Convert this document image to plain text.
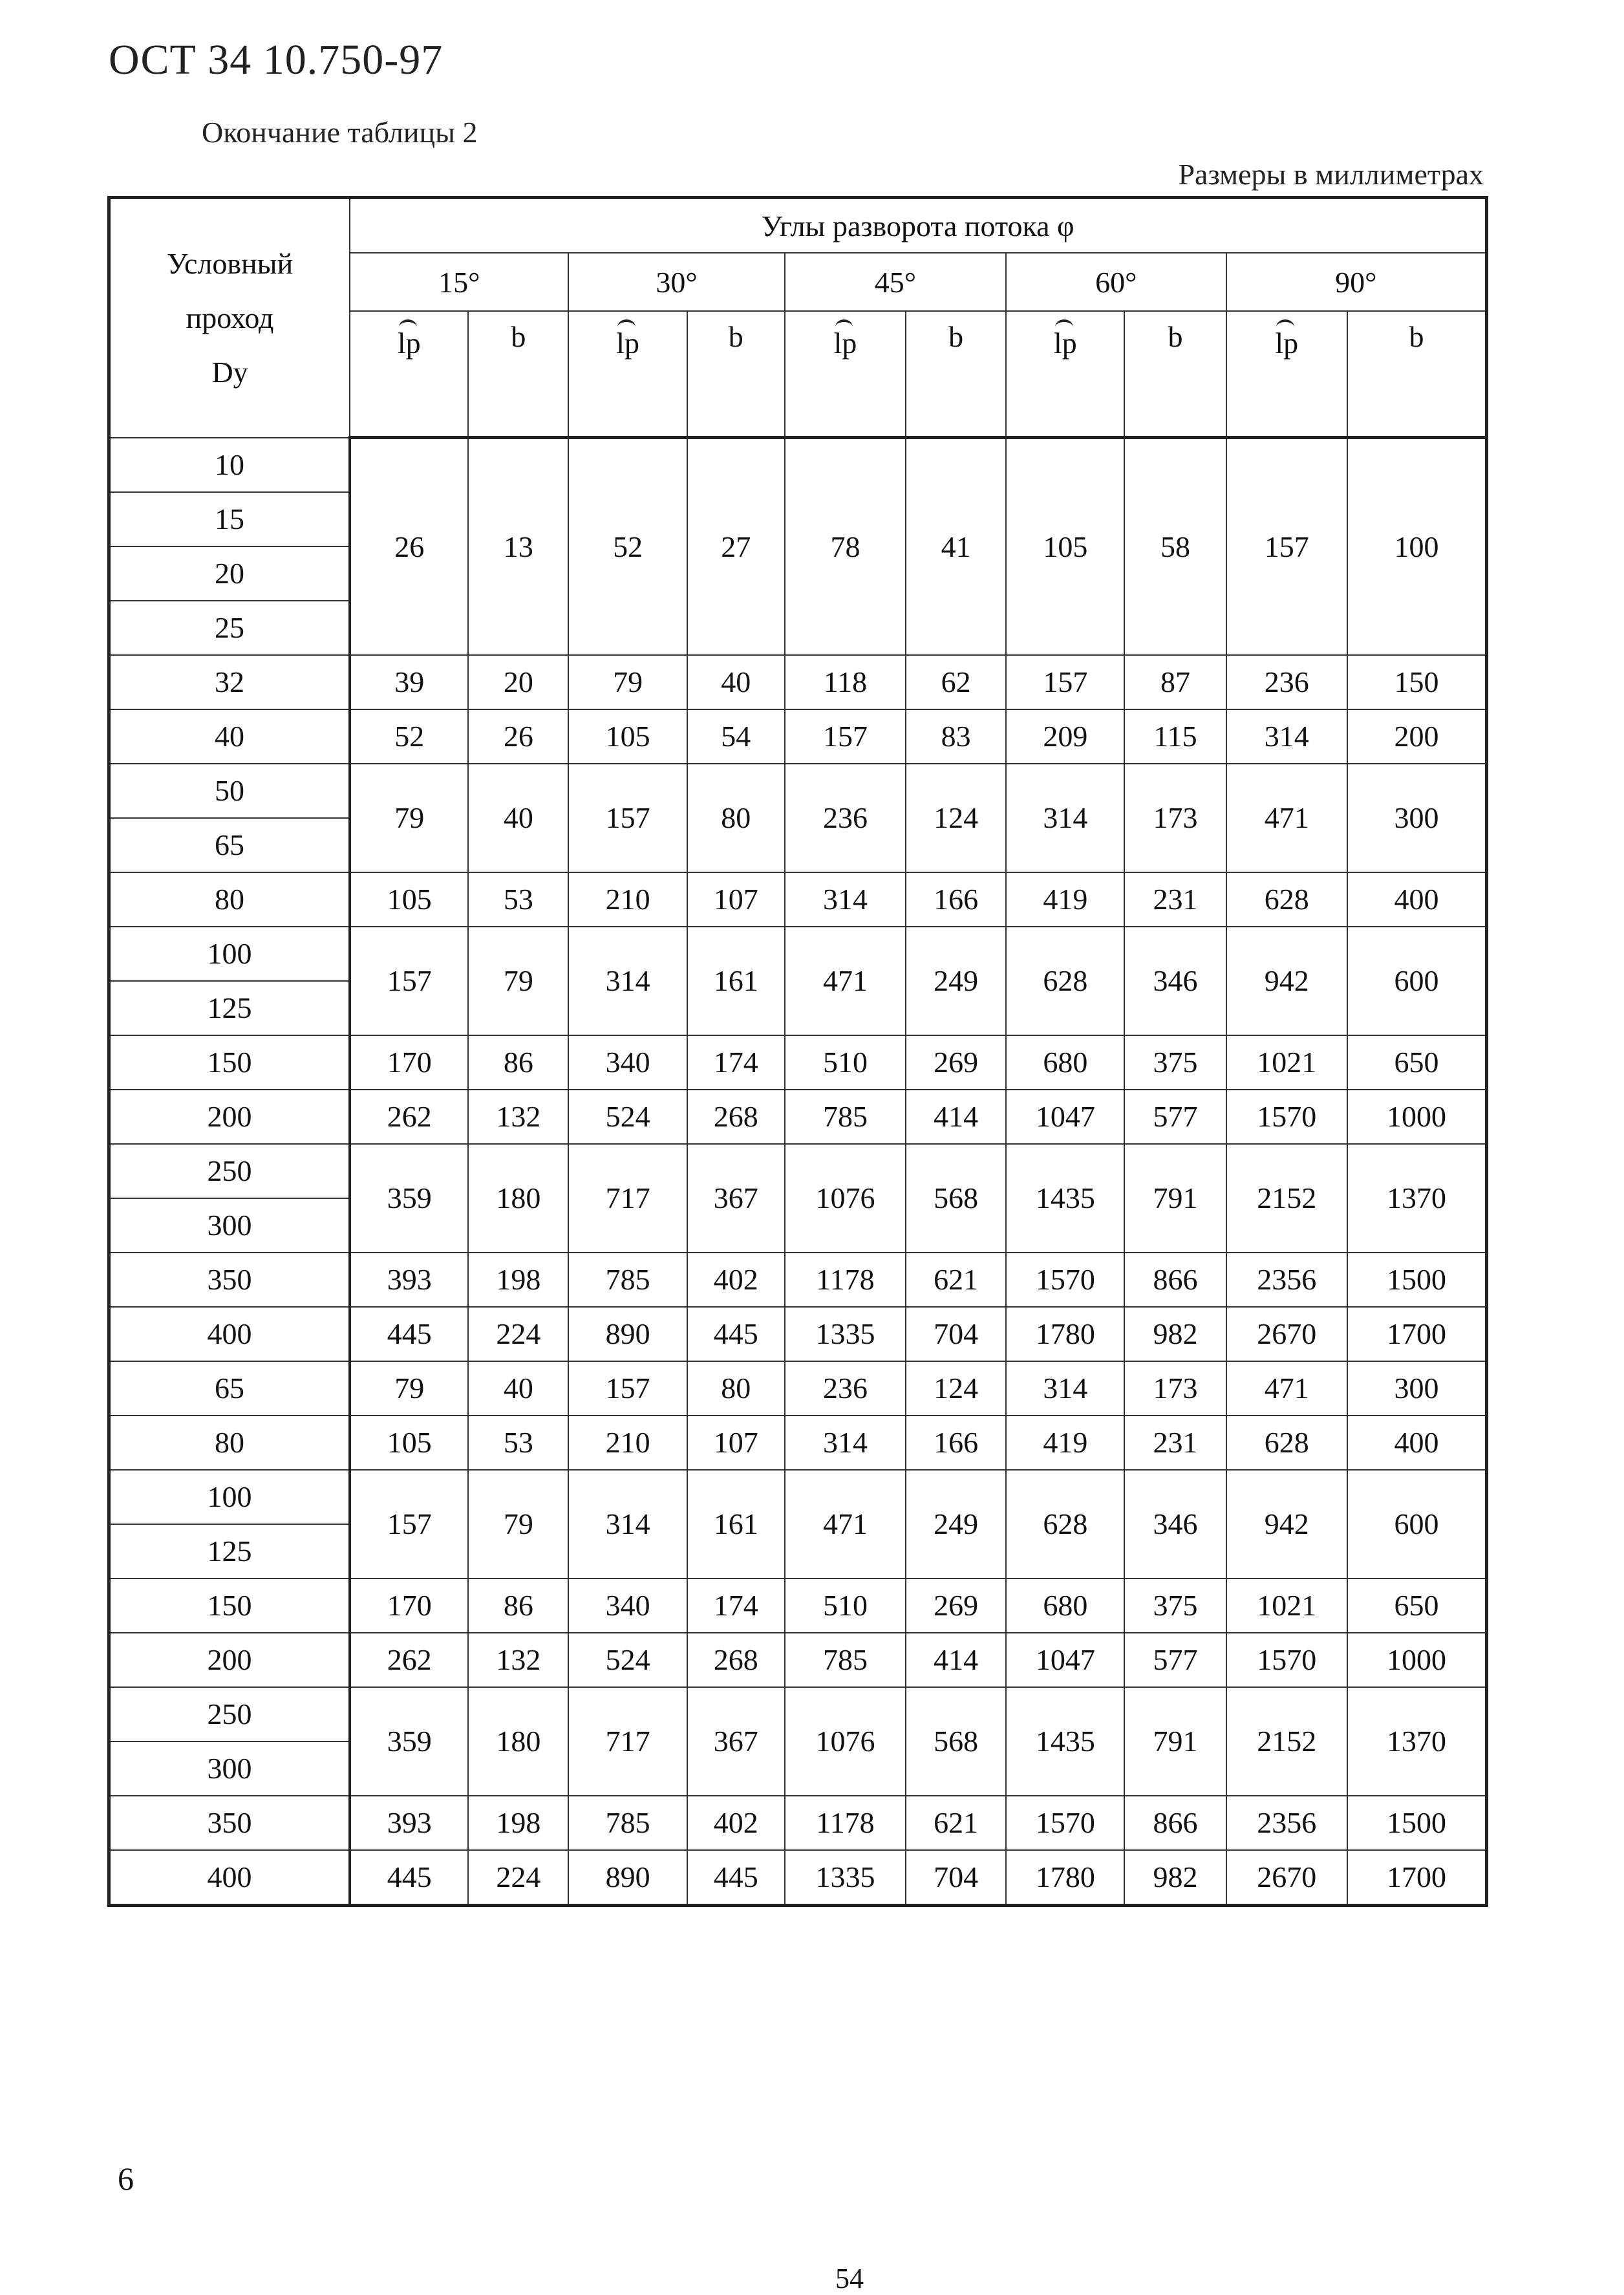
ОСТ 34 10.750-97
Окончание таблицы 2
Размеры в миллиметрах
Условный
проход
Dy	Углы разворота потока φ									
	15°		30°		45°		60°		90°	
	lp	b	lp	b	lp	b	lp	b	lp	b
10	26	13	52	27	78	41	105	58	157	100
15										
20										
25										
32	39	20	79	40	118	62	157	87	236	150
40	52	26	105	54	157	83	209	115	314	200
50	79	40	157	80	236	124	314	173	471	300
65										
80	105	53	210	107	314	166	419	231	628	400
100	157	79	314	161	471	249	628	346	942	600
125										
150	170	86	340	174	510	269	680	375	1021	650
200	262	132	524	268	785	414	1047	577	1570	1000
250	359	180	717	367	1076	568	1435	791	2152	1370
300										
350	393	198	785	402	1178	621	1570	866	2356	1500
400	445	224	890	445	1335	704	1780	982	2670	1700
65	79	40	157	80	236	124	314	173	471	300
80	105	53	210	107	314	166	419	231	628	400
100	157	79	314	161	471	249	628	346	942	600
125										
150	170	86	340	174	510	269	680	375	1021	650
200	262	132	524	268	785	414	1047	577	1570	1000
250	359	180	717	367	1076	568	1435	791	2152	1370
300										
350	393	198	785	402	1178	621	1570	866	2356	1500
400	445	224	890	445	1335	704	1780	982	2670	1700
6
54
